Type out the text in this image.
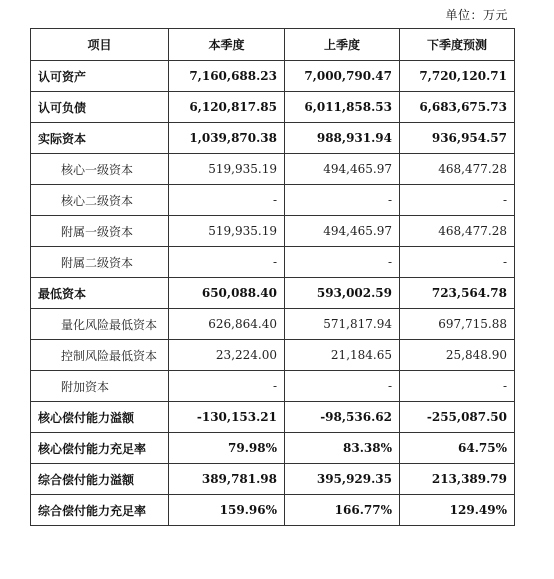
单位：万元
项目	本季度	上季度	下季度预测
认可资产	7,160,688.23	7,000,790.47	7,720,120.71
认可负债	6,120,817.85	6,011,858.53	6,683,675.73
实际资本	1,039,870.38	988,931.94	936,954.57
核心一级资本	519,935.19	494,465.97	468,477.28
核心二级资本	-	-	-
附属一级资本	519,935.19	494,465.97	468,477.28
附属二级资本	-	-	-
最低资本	650,088.40	593,002.59	723,564.78
量化风险最低资本	626,864.40	571,817.94	697,715.88
控制风险最低资本	23,224.00	21,184.65	25,848.90
附加资本	-	-	-
核心偿付能力溢额	-130,153.21	-98,536.62	-255,087.50
核心偿付能力充足率	79.98%	83.38%	64.75%
综合偿付能力溢额	389,781.98	395,929.35	213,389.79
综合偿付能力充足率	159.96%	166.77%	129.49%
